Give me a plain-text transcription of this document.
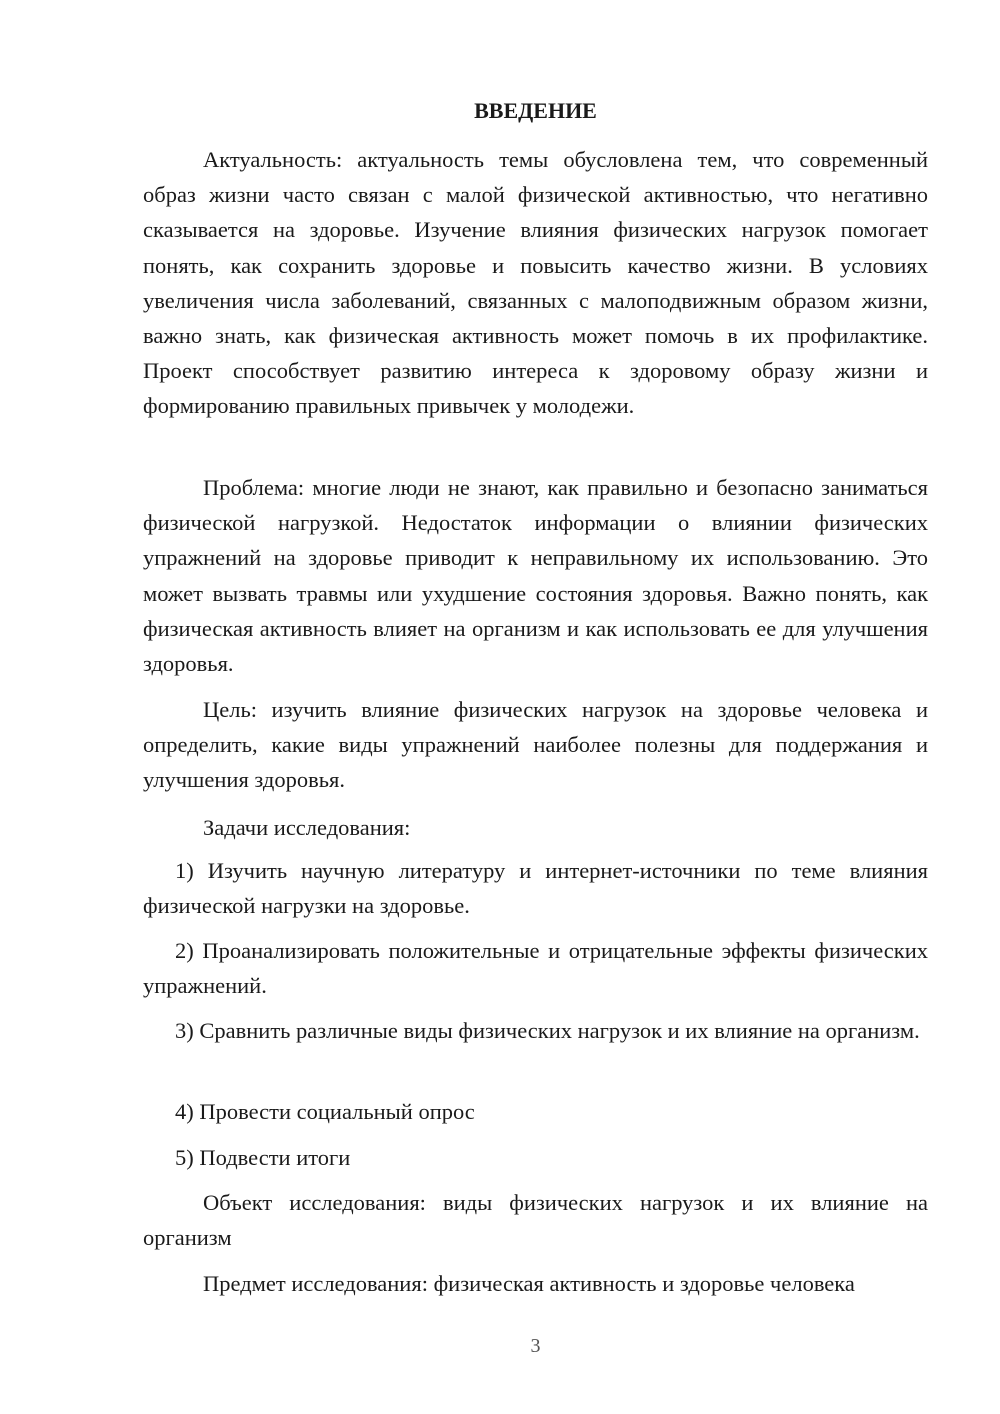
ВВЕДЕНИЕ

Актуальность: актуальность темы обусловлена тем, что современный образ жизни часто связан с малой физической активностью, что негативно сказывается на здоровье. Изучение влияния физических нагрузок помогает понять, как сохранить здоровье и повысить качество жизни. В условиях увеличения числа заболеваний, связанных с малоподвижным образом жизни, важно знать, как физическая активность может помочь в их профилактике. Проект способствует развитию интереса к здоровому образу жизни и формированию правильных привычек у молодежи.

Проблема: многие люди не знают, как правильно и безопасно заниматься физической нагрузкой. Недостаток информации о влиянии физических упражнений на здоровье приводит к неправильному их использованию. Это может вызвать травмы или ухудшение состояния здоровья. Важно понять, как физическая активность влияет на организм и как использовать ее для улучшения здоровья.

Цель: изучить влияние физических нагрузок на здоровье человека и определить, какие виды упражнений наиболее полезны для поддержания и улучшения здоровья.

Задачи исследования:

1) Изучить научную литературу и интернет-источники по теме влияния физической нагрузки на здоровье.

2) Проанализировать положительные и отрицательные эффекты физических упражнений.

3) Сравнить различные виды физических нагрузок и их влияние на организм.

4) Провести социальный опрос

5) Подвести итоги

Объект исследования: виды физических нагрузок и их влияние на организм

Предмет исследования: физическая активность и здоровье человека

3
